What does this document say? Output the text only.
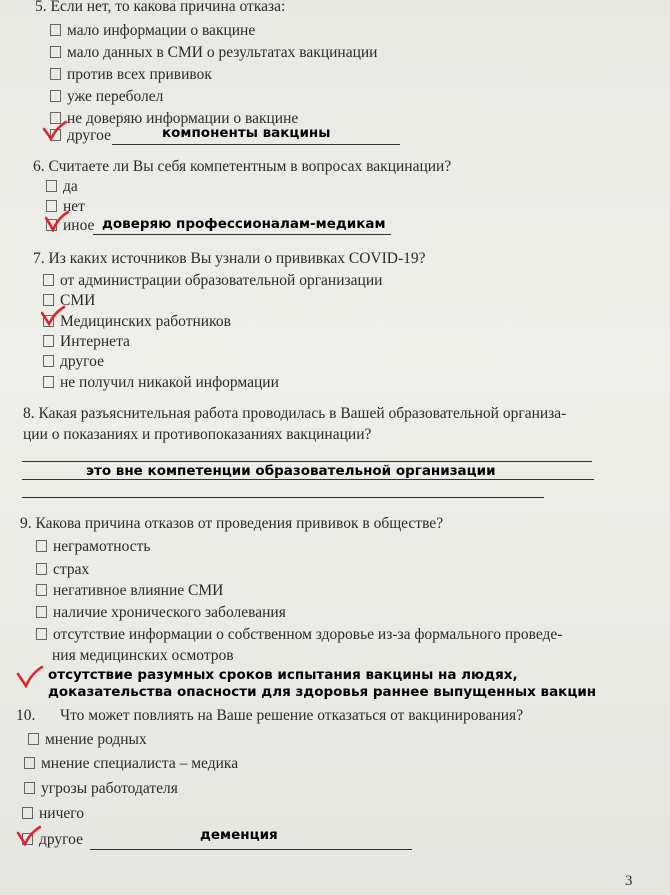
5. Если нет, то какова причина отказа:
мало информации о вакцине
мало данных в СМИ о результатах вакцинации
против всех прививок
уже переболел
не доверяю информации о вакцине
другое	компоненты вакцины
6. Считаете ли Вы себя компетентным в вопросах вакцинации?
да
нет
иное доверяю профессионалам-медикам
7. Из каких источников Вы узнали о прививках COVID-19?
от администрации образовательной организации
СМИ
Медицинских работников
Интернета
другое
не получил никакой информации
8. Какая разъяснительная работа проводилась в Вашей образовательной организа-
ции о показаниях и противопоказаниях вакцинации?
это вне компетенции образовательной организации
9. Какова причина отказов от проведения прививок в обществе?
неграмотность
страх
негативное влияние СМИ
наличие хронического заболевания
отсутствие информации о собственном здоровье из-за формального проведе-
ния медицинских осмотров
отсутствие разумных сроков испытания вакцины на людях,
доказательства опасности для здоровья раннее выпущенных вакцин
10. Что может повлиять на Ваше решение отказаться от вакцинирования?
мнение родных
мнение специалиста – медика
угрозы работодателя
ничего
другое	деменция
3
